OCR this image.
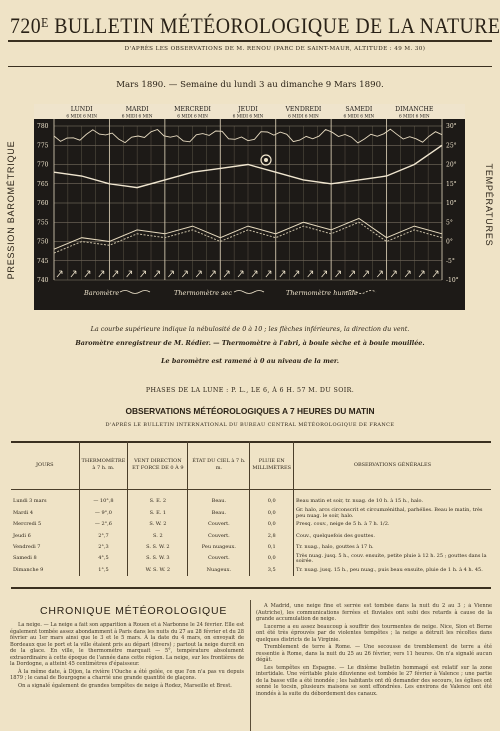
720ᴱ BULLETIN MÉTÉOROLOGIQUE DE LA NATURE
D'APRÈS LES OBSERVATIONS DE M. RENOU (PARC DE SAINT-MAUR, ALTITUDE : 49 M. 30)
Mars 1890. — Semaine du lundi 3 au dimanche 9 Mars 1890.
PRESSION BAROMÉTRIQUE	TEMPÉRATURES
780	30°
775	25°
770	20°
765	15°
760	10°
755	5°
750	0°
745	-5°
740	-10°
LUNDI
6 MIDI 6 MIN
MARDI
6 MIDI 6 MIN
MERCREDI
6 MIDI 6 MIN
JEUDI
6 MIDI 6 MIN
VENDREDI
6 MIDI 6 MIN
SAMEDI
6 MIDI 6 MIN
DIMANCHE
6 MIDI 6 MIN
Baromètre	Thermomètre sec	Thermomètre humide
La courbe supérieure indique la nébulosité de 0 à 10 ; les flèches inférieures, la direction du vent.
Baromètre enregistreur de M. Rédier. — Thermomètre à l'abri, à boule sèche et à boule mouillée.
Le baromètre est ramené à 0 au niveau de la mer.
PHASES DE LA LUNE : P. L., LE 6, À 6 H. 57 M. DU SOIR.
OBSERVATIONS MÉTÉOROLOGIQUES A 7 HEURES DU MATIN
D'APRÈS LE BULLETIN INTERNATIONAL DU BUREAU CENTRAL MÉTÉOROLOGIQUE DE FRANCE
JOURS	THERMOMÈTRE à 7 h. m.	VENT DIRECTION ET FORCE DE 0 À 9	ÉTAT DU CIEL à 7 h. m.	PLUIE EN MILLIMÈTRES	OBSERVATIONS GÉNÉRALES

Lundi 3 mars	— 10°,8	S. E. 2	Beau.	0,0	Beau matin et soir, tr. nuag. de 10 h. à 15 h., halo.
Mardi 4	— 9°,0	S. E. 1	Beau.	0,0	Gr. halo, arcs circonscrit et circumzénithal, parhélies. Beau le matin, très peu nuag. le soir, halo.
Mercredi 5	— 2°,6	S. W. 2	Couvert.	0,0	Presq. couv., neige de 5 h. à 7 h. 1/2.
Jeudi 6	2°,7	S. 2	Couvert.	2,8	Couv., quelquefois des gouttes.
Vendredi 7	2°,3	S. S. W. 2	Peu nuageux.	0,1	Tr. nuag., halo, gouttes à 17 h.
Samedi 8	4°,5	S. S. W. 3	Couvert.	0,0	Très nuag. jusq. 5 h., couv. ensuite, petite pluie à 12 h. 25 ; gouttes dans la soirée.
Dimanche 9	1°,5	W. S. W. 2	Nuageux.	3,5	Tr. nuag. jusq. 15 h., peu nuag., puis beau ensuite, pluie de 1 h. à 4 h. 45.
CHRONIQUE MÉTÉOROLOGIQUE

La neige. — La neige a fait son apparition à Rouen et à Narbonne le 24 février. Elle est également tombée assez abondamment à Paris dans les nuits du 27 au 28 février et du 28 février au 1er mars ainsi que le 3 et le 5 mars. À la date du 4 mars, on envoyait de Bordeaux que le port et la ville étaient pris au départ (divers) ; partout la neige durcit en de la glace. En ville, le thermomètre marquait — 5°, température absolument extraordinaire à cette époque de l'année dans cette région. La neige, sur les frontières de la Dordogne, a atteint 45 centimètres d'épaisseur.

À la même date, à Dijon, la rivière l'Ouche a été gelée, ce que l'on n'a pas vu depuis 1879 ; le canal de Bourgogne a charrié une grande quantité de glaçons.

On a signalé également de grandes tempêtes de neige à Rodez, Marseille et Brest.

À Madrid, une neige fine et serrée est tombée dans la nuit du 2 au 3 ; à Vienne (Autriche), les communications ferrées et fluviales ont subi des retards à cause de la grande accumulation de neige.

Lucerne a eu assez beaucoup à souffrir des tourmentes de neige. Nice, Sion et Berne ont été très éprouvés par de violentes tempêtes ; la neige a détruit les récoltes dans quelques districts de la Virginie.

Tremblement de terre à Rome. — Une secousse de tremblement de terre a été ressentie à Rome, dans la nuit du 25 au 26 février, vers 11 heures. On n'a signalé aucun dégât.

Les tempêtes en Espagne. — Le dixième bulletin hommagé est relatif sur la zone intertidale. Une véritable pluie diluvienne est tombée le 27 février à Valence ; une partie de la basse ville a été inondée ; les habitants ont dû demander des secours, les églises ont sonné le tocsin, plusieurs maisons se sont effondrées. Les environs de Valence ont été inondés à la suite du débordement des canaux.
